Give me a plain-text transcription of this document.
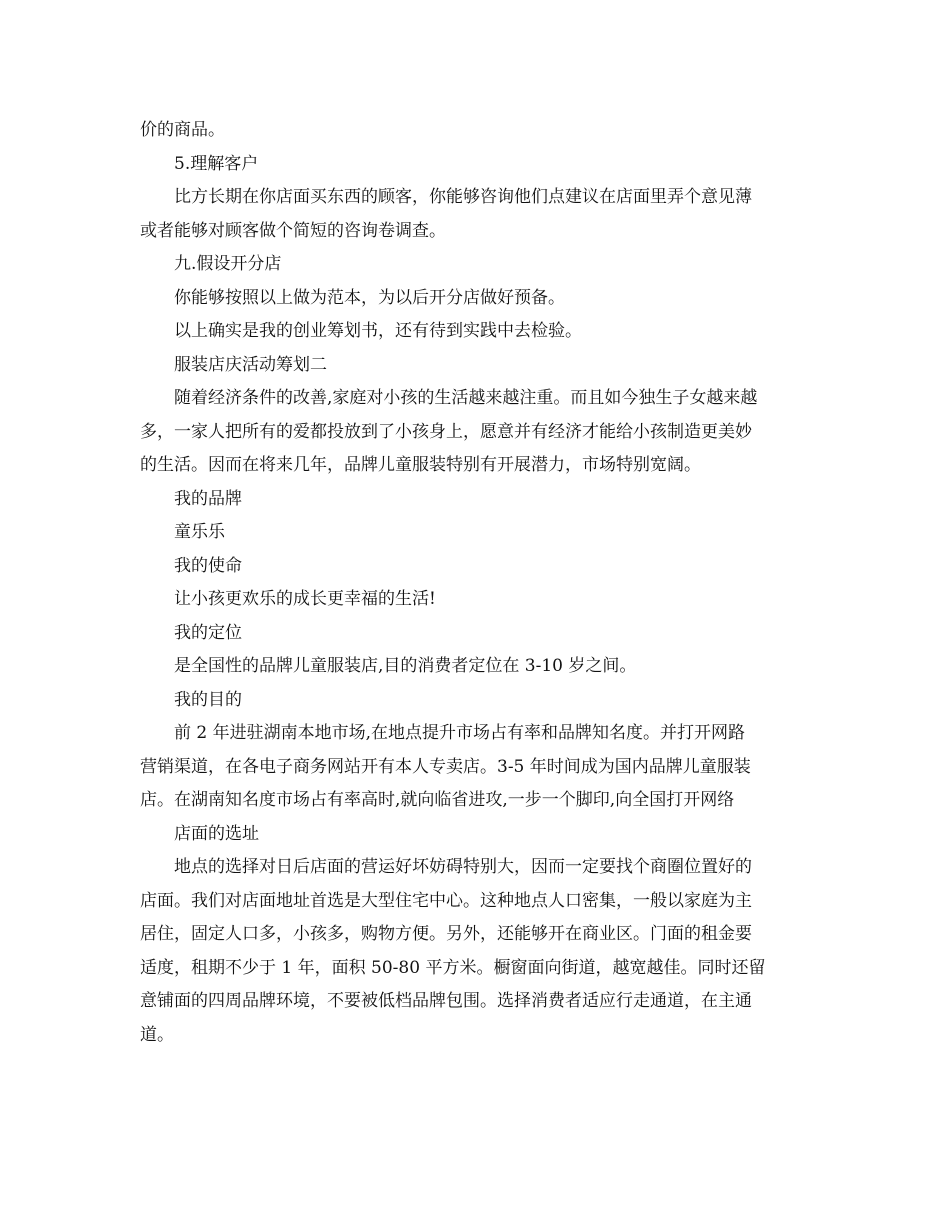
价的商品。
5.理解客户
比方长期在你店面买东西的顾客，你能够咨询他们点建议在店面里弄个意见薄
或者能够对顾客做个简短的咨询卷调查。
九.假设开分店
你能够按照以上做为范本，为以后开分店做好预备。
以上确实是我的创业筹划书，还有待到实践中去检验。
服装店庆活动筹划二
随着经济条件的改善,家庭对小孩的生活越来越注重。而且如今独生子女越来越
多，一家人把所有的爱都投放到了小孩身上，愿意并有经济才能给小孩制造更美妙
的生活。因而在将来几年，品牌儿童服装特别有开展潜力，市场特别宽阔。
我的品牌
童乐乐
我的使命
让小孩更欢乐的成长更幸福的生活!
我的定位
是全国性的品牌儿童服装店,目的消费者定位在 3-10 岁之间。
我的目的
前 2 年进驻湖南本地市场,在地点提升市场占有率和品牌知名度。并打开网路
营销渠道，在各电子商务网站开有本人专卖店。3-5 年时间成为国内品牌儿童服装
店。在湖南知名度市场占有率高时,就向临省进攻,一步一个脚印,向全国打开网络
店面的选址
地点的选择对日后店面的营运好坏妨碍特别大，因而一定要找个商圈位置好的
店面。我们对店面地址首选是大型住宅中心。这种地点人口密集，一般以家庭为主
居住，固定人口多，小孩多，购物方便。另外，还能够开在商业区。门面的租金要
适度，租期不少于 1 年，面积 50-80 平方米。橱窗面向街道，越宽越佳。同时还留
意铺面的四周品牌环境，不要被低档品牌包围。选择消费者适应行走通道，在主通
道。
